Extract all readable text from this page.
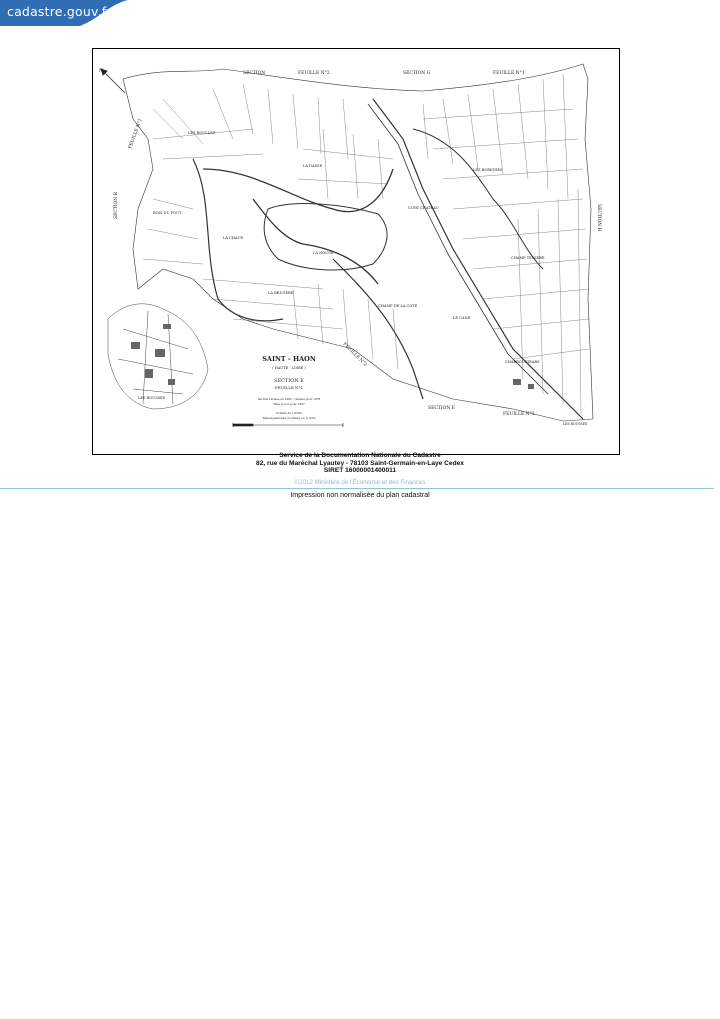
cadastre.gouv.fr
N	SECTION	FEUILLE N°2	SECTION G	FEUILLE N°1
SECTION B
FEUILLE N°1
SECTION H
SECTION E
FEUILLE N°2
FEUILLE N°2
LES ROULLEZ
BOIS DU FOUT
LA CHAUD
LA DASSE
LA NOUGE
LA BRUGERE
CHAMP DE LA COTE
COTE CHATEAU
LES BORIGHES
CHARBOUIGEARS
LE CANE
CHAMP TESSERE
LES ROUSSES
LES ROUSSES
SAINT - HAON
( HAUTE - LOIRE )
SECTION E
FEUILLE N°1
Section révisée en 1965 ; révisée pour 1978
Mise à jour pour 1987
Echelle de 1/2500
Renseignements et remise en 1/1250
Service de la Documentation Nationale du Cadastre
82, rue du Maréchal Lyautey - 78103 Saint-Germain-en-Laye Cedex
SIRET 16000001400011
©2012 Ministère de l'Économie et des Finances
Impression non normalisée du plan cadastral
